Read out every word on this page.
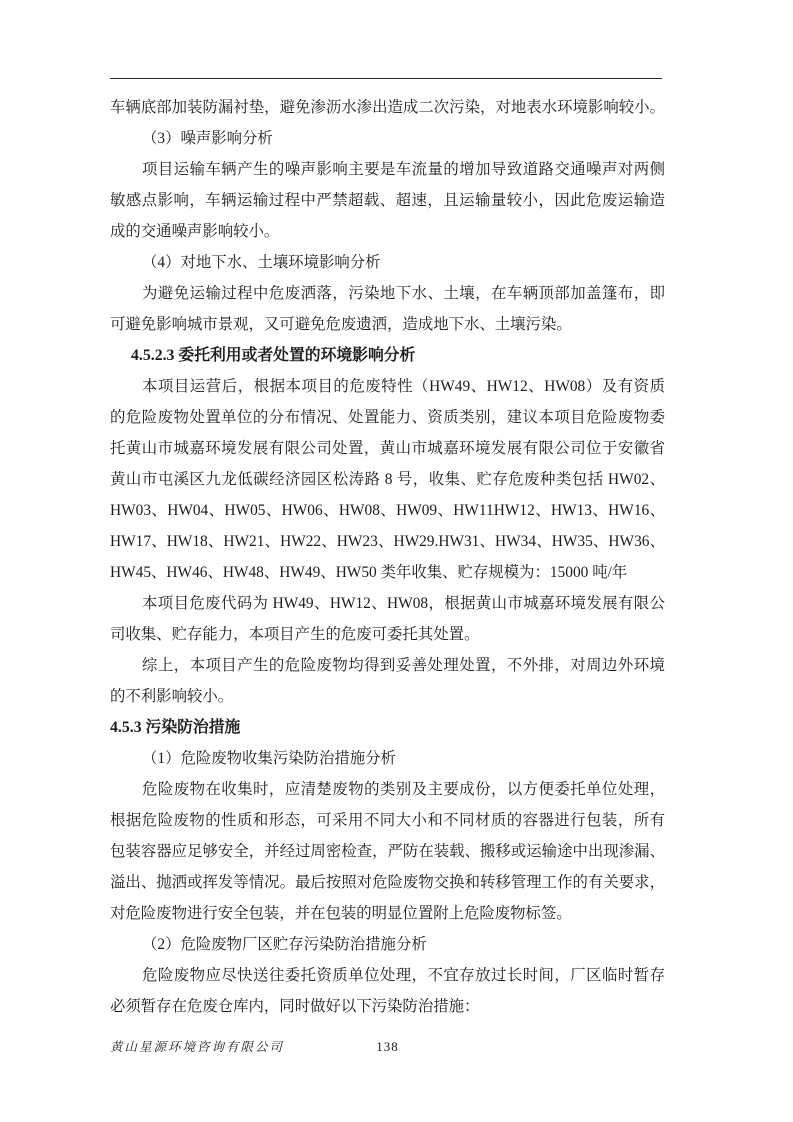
车辆底部加装防漏衬垫，避免渗沥水渗出造成二次污染，对地表水环境影响较小。
（3）噪声影响分析
项目运输车辆产生的噪声影响主要是车流量的增加导致道路交通噪声对两侧
敏感点影响，车辆运输过程中严禁超载、超速，且运输量较小，因此危废运输造
成的交通噪声影响较小。
（4）对地下水、土壤环境影响分析
为避免运输过程中危废洒落，污染地下水、土壤，在车辆顶部加盖篷布，即
可避免影响城市景观，又可避免危废遗洒，造成地下水、土壤污染。
4.5.2.3 委托利用或者处置的环境影响分析
本项目运营后，根据本项目的危废特性（HW49、HW12、HW08）及有资质
的危险废物处置单位的分布情况、处置能力、资质类别，建议本项目危险废物委
托黄山市城嘉环境发展有限公司处置，黄山市城嘉环境发展有限公司位于安徽省
黄山市屯溪区九龙低碳经济园区松涛路 8 号，收集、贮存危废种类包括 HW02、
HW03、HW04、HW05、HW06、HW08、HW09、HW11HW12、HW13、HW16、
HW17、HW18、HW21、HW22、HW23、HW29.HW31、HW34、HW35、HW36、
HW45、HW46、HW48、HW49、HW50 类年收集、贮存规模为：15000 吨/年
本项目危废代码为 HW49、HW12、HW08，根据黄山市城嘉环境发展有限公
司收集、贮存能力，本项目产生的危废可委托其处置。
综上，本项目产生的危险废物均得到妥善处理处置，不外排，对周边外环境
的不利影响较小。
4.5.3 污染防治措施
（1）危险废物收集污染防治措施分析
危险废物在收集时，应清楚废物的类别及主要成份，以方便委托单位处理，
根据危险废物的性质和形态，可采用不同大小和不同材质的容器进行包装，所有
包装容器应足够安全，并经过周密检查，严防在装载、搬移或运输途中出现渗漏、
溢出、抛洒或挥发等情况。最后按照对危险废物交换和转移管理工作的有关要求，
对危险废物进行安全包装，并在包装的明显位置附上危险废物标签。
（2）危险废物厂区贮存污染防治措施分析
危险废物应尽快送往委托资质单位处理，不宜存放过长时间，厂区临时暂存
必须暂存在危废仓库内，同时做好以下污染防治措施：
黄山星源环境咨询有限公司	138
